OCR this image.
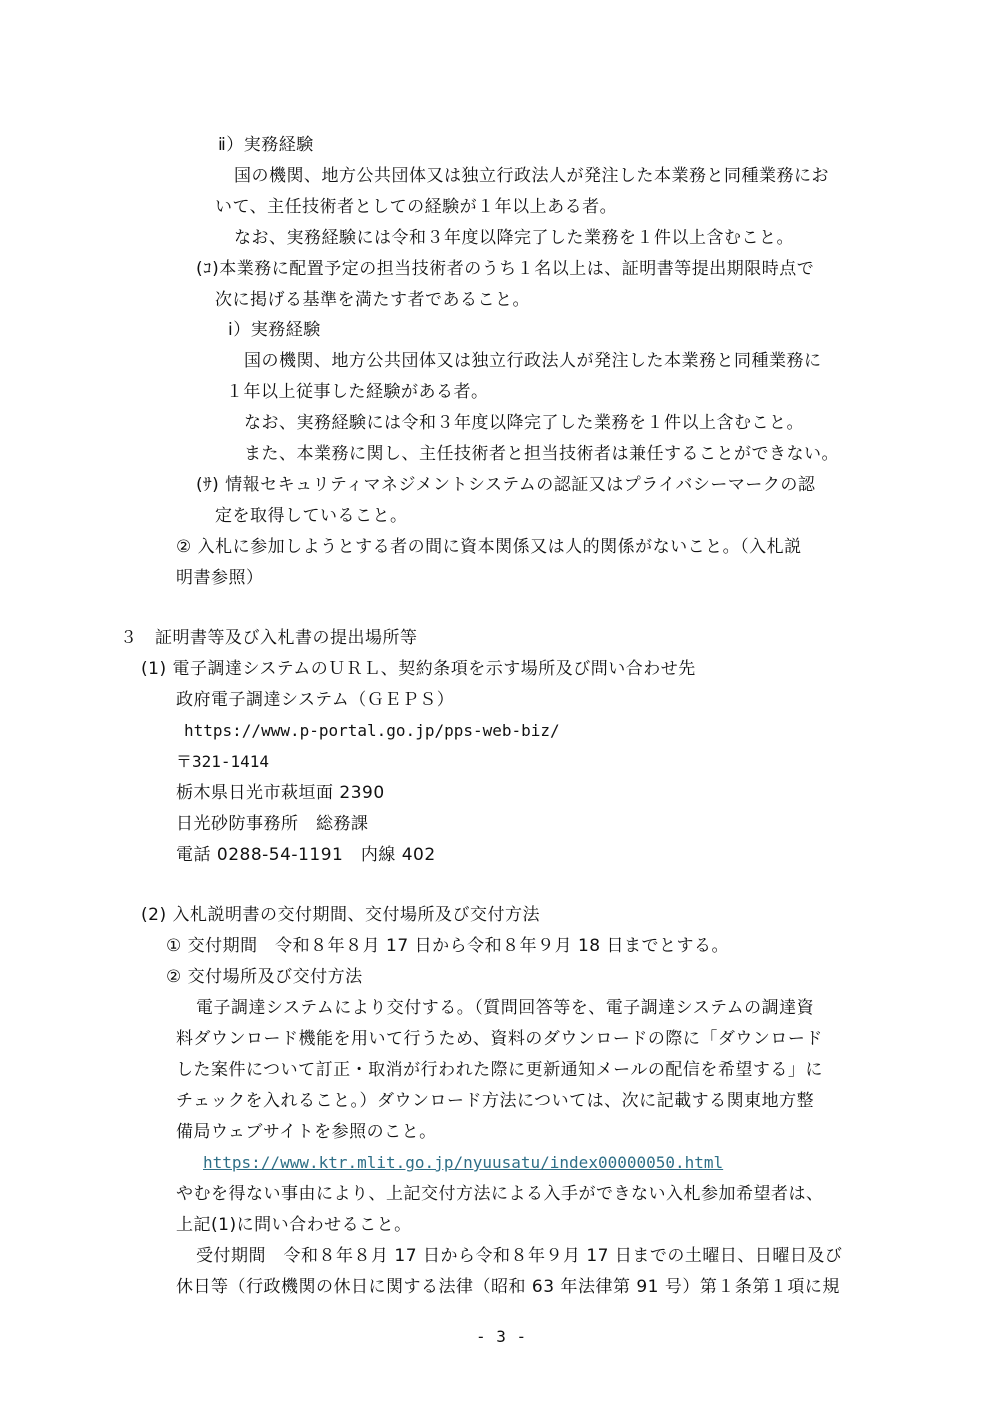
ⅱ）実務経験

国の機関、地方公共団体又は独立行政法人が発注した本業務と同種業務にお

いて、主任技術者としての経験が１年以上ある者。

なお、実務経験には令和３年度以降完了した業務を１件以上含むこと。

(ｺ)本業務に配置予定の担当技術者のうち１名以上は、証明書等提出期限時点で

次に掲げる基準を満たす者であること。

ⅰ）実務経験

国の機関、地方公共団体又は独立行政法人が発注した本業務と同種業務に

１年以上従事した経験がある者。

なお、実務経験には令和３年度以降完了した業務を１件以上含むこと。

また、本業務に関し、主任技術者と担当技術者は兼任することができない。

(ｻ) 情報セキュリティマネジメントシステムの認証又はプライバシーマークの認

定を取得していること。

② 入札に参加しようとする者の間に資本関係又は人的関係がないこと。（入札説

明書参照）

３　証明書等及び入札書の提出場所等

(1) 電子調達システムのＵＲＬ、契約条項を示す場所及び問い合わせ先

政府電子調達システム（ＧＥＰＳ）

https://www.p-portal.go.jp/pps-web-biz/

〒321-1414

栃木県日光市萩垣面 2390

日光砂防事務所　総務課

電話 0288-54-1191　内線 402

(2) 入札説明書の交付期間、交付場所及び交付方法

① 交付期間　令和８年８月 17 日から令和８年９月 18 日までとする。

② 交付場所及び交付方法

電子調達システムにより交付する。（質問回答等を、電子調達システムの調達資

料ダウンロード機能を用いて行うため、資料のダウンロードの際に「ダウンロード

した案件について訂正・取消が行われた際に更新通知メールの配信を希望する」に

チェックを入れること。）ダウンロード方法については、次に記載する関東地方整

備局ウェブサイトを参照のこと。

https://www.ktr.mlit.go.jp/nyuusatu/index00000050.html

やむを得ない事由により、上記交付方法による入手ができない入札参加希望者は、

上記(1)に問い合わせること。

受付期間　令和８年８月 17 日から令和８年９月 17 日までの土曜日、日曜日及び

休日等（行政機関の休日に関する法律（昭和 63 年法律第 91 号）第１条第１項に規

- 3 -
